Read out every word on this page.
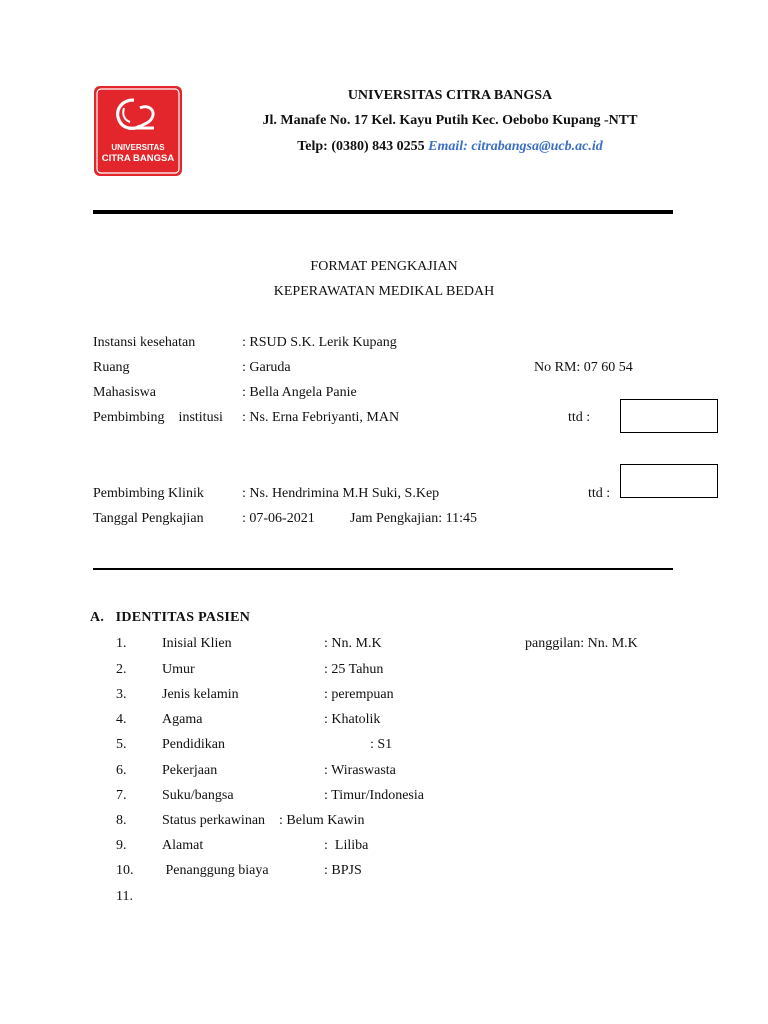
UNIVERSITAS
CITRA BANGSA
UNIVERSITAS CITRA BANGSA
Jl. Manafe No. 17 Kel. Kayu Putih Kec. Oebobo Kupang -NTT
Telp: (0380) 843 0255 Email: citrabangsa@ucb.ac.id
FORMAT PENGKAJIAN
KEPERAWATAN MEDIKAL BEDAH
Instansi kesehatan	: RSUD S.K. Lerik Kupang
Ruang	: Garuda	No RM: 07 60 54
Mahasiswa	: Bella Angela Panie
Pembimbing    institusi : Ns. Erna Febriyanti, MAN	ttd :
Pembimbing Klinik	: Ns. Hendrimina M.H Suki, S.Kep	ttd :
Tanggal Pengkajian	: 07-06-2021	Jam Pengkajian: 11:45
A.   IDENTITAS PASIEN
1.	Inisial Klien	: Nn. M.K	panggilan: Nn. M.K
2.	Umur	: 25 Tahun
3.	Jenis kelamin	: perempuan
4.	Agama	: Khatolik
5.	Pendidikan	: S1
6.	Pekerjaan	: Wiraswasta
7.	Suku/bangsa	: Timur/Indonesia
8.	Status perkawinan : Belum Kawin
9.	Alamat	:  Liliba
10. Penanggung biaya	: BPJS
11.
